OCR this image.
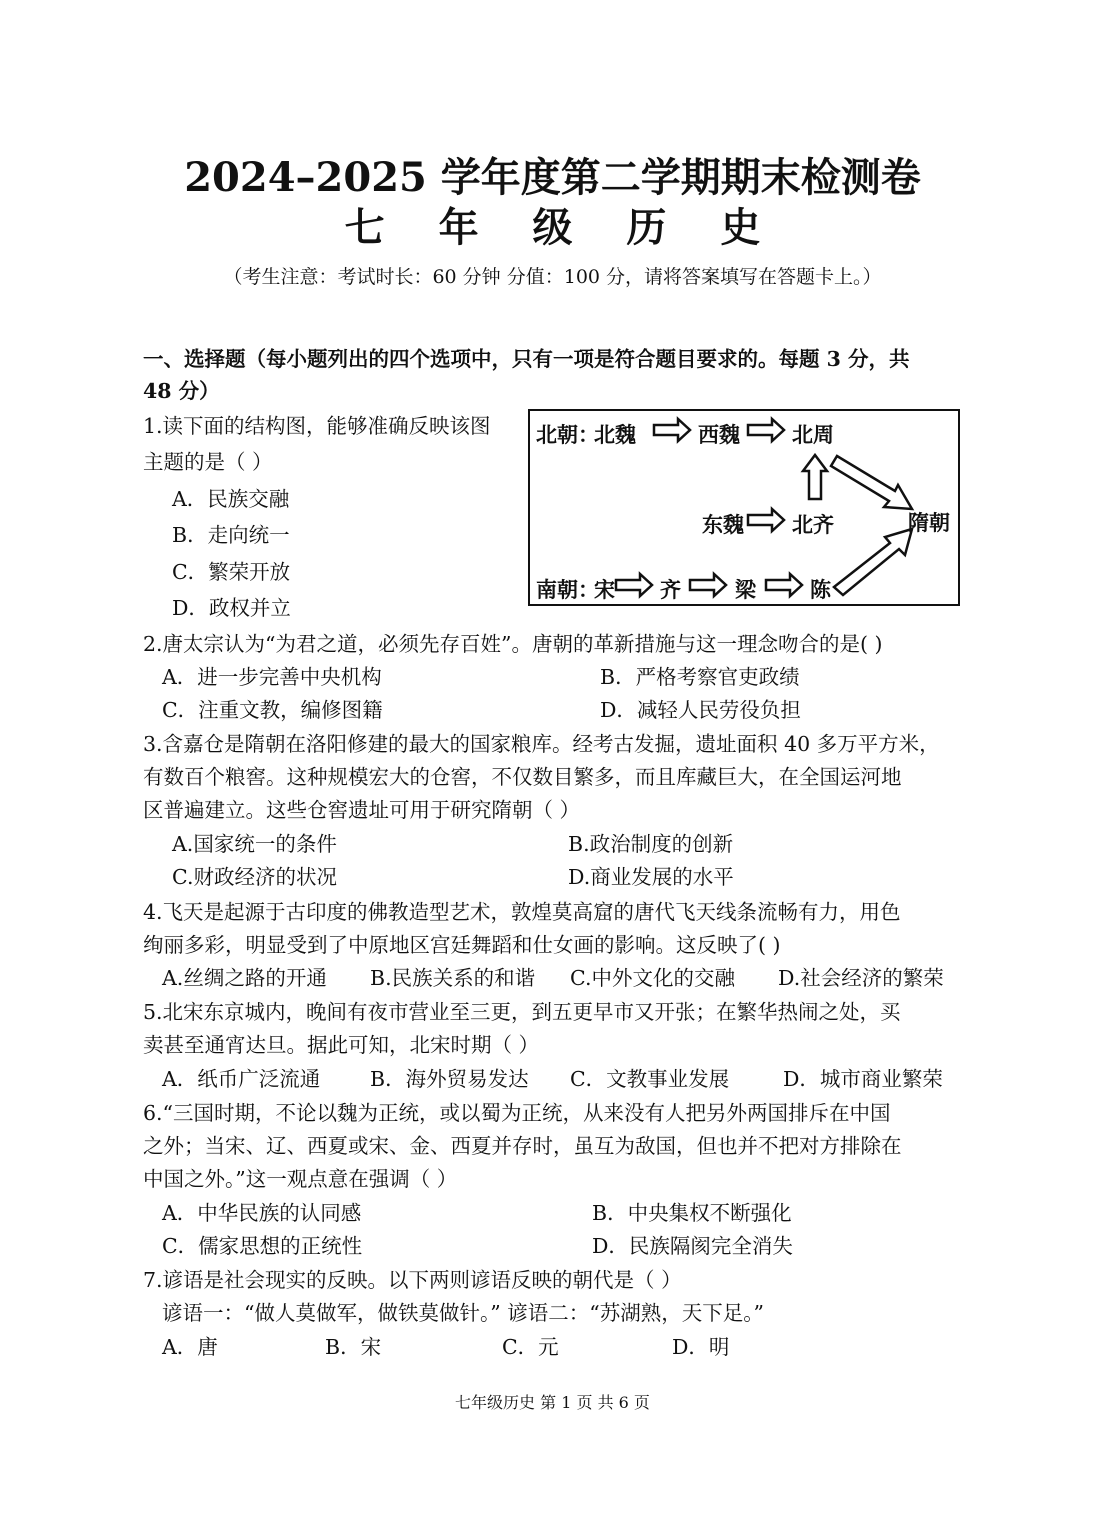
2024–2025 学年度第二学期期末检测卷
七 年 级 历 史
（考生注意：考试时长：60 分钟 分值：100 分，请将答案填写在答题卡上。）
一、选择题（每小题列出的四个选项中，只有一项是符合题目要求的。每题 3 分，共
48 分）
1.读下面的结构图，能够准确反映该图
主题的是（ ）
A．民族交融
B．走向统一
C．繁荣开放
D．政权并立
北朝：
北魏	西魏 北周
东魏 北齐	隋朝
南朝：
宋 齐	梁	陈
2.唐太宗认为“为君之道，必须先存百姓”。唐朝的革新措施与这一理念吻合的是( )
A．进一步完善中央机构	B．严格考察官吏政绩
C．注重文教，编修图籍	D．减轻人民劳役负担
3.含嘉仓是隋朝在洛阳修建的最大的国家粮库。经考古发掘，遗址面积 40 多万平方米，
有数百个粮窖。这种规模宏大的仓窖，不仅数目繁多，而且库藏巨大，在全国运河地
区普遍建立。这些仓窖遗址可用于研究隋朝（ ）
A.国家统一的条件	B.政治制度的创新
C.财政经济的状况	D.商业发展的水平
4.飞天是起源于古印度的佛教造型艺术，敦煌莫高窟的唐代飞天线条流畅有力，用色
绚丽多彩，明显受到了中原地区宫廷舞蹈和仕女画的影响。这反映了( )
A.丝绸之路的开通 B.民族关系的和谐 C.中外文化的交融 D.社会经济的繁荣
5.北宋东京城内，晚间有夜市营业至三更，到五更早市又开张；在繁华热闹之处，买
卖甚至通宵达旦。据此可知，北宋时期（ ）
A．纸币广泛流通 B．海外贸易发达 C．文教事业发展	D．城市商业繁荣
6.“三国时期，不论以魏为正统，或以蜀为正统，从来没有人把另外两国排斥在中国
之外；当宋、辽、西夏或宋、金、西夏并存时，虽互为敌国，但也并不把对方排除在
中国之外。”这一观点意在强调（ ）
A．中华民族的认同感	B．中央集权不断强化
C．儒家思想的正统性	D．民族隔阂完全消失
7.谚语是社会现实的反映。以下两则谚语反映的朝代是（ ）
谚语一：“做人莫做军，做铁莫做针。” 谚语二：“苏湖熟，天下足。”
A．唐	B．宋	C．元	D．明
七年级历史 第 1 页 共 6 页
